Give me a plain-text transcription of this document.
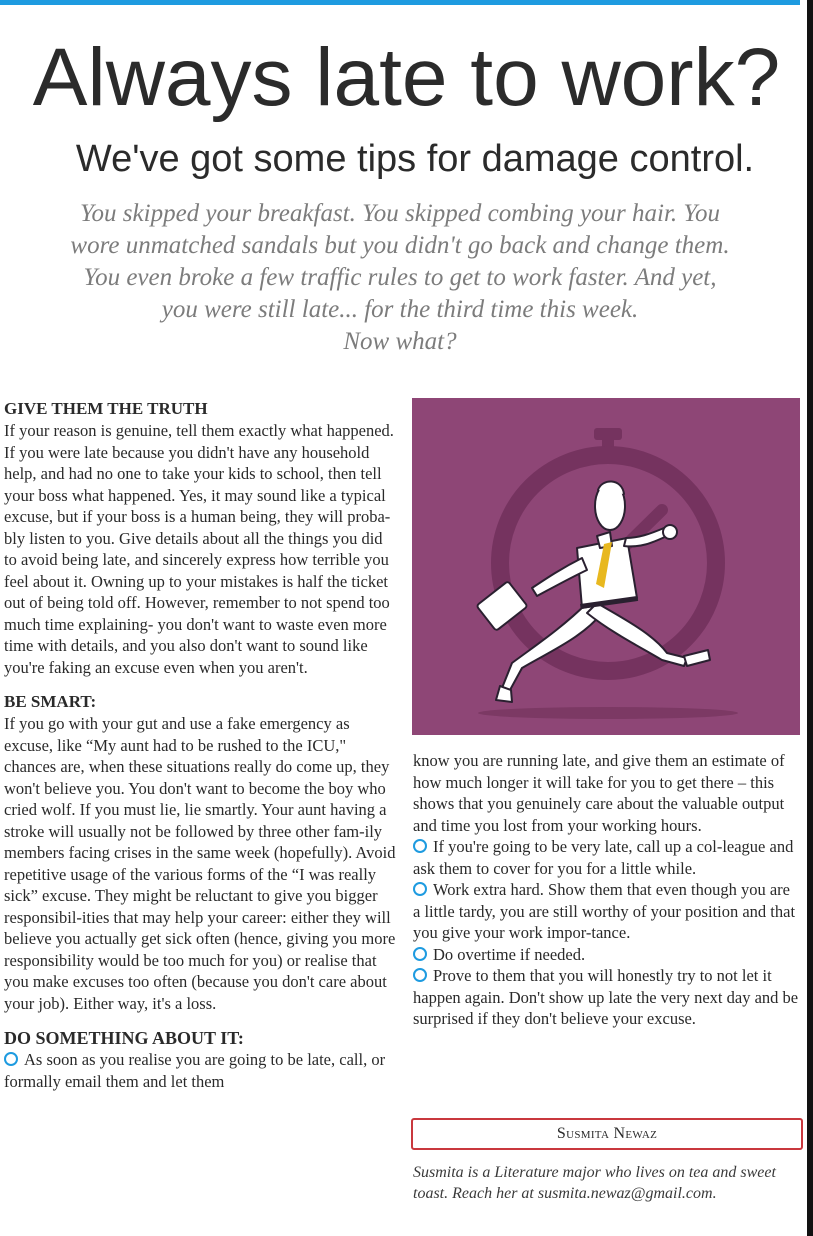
Always late to work?
We've got some tips for damage control.
You skipped your breakfast. You skipped combing your hair. You
wore unmatched sandals but you didn't go back and change them.
You even broke a few traffic rules to get to work faster. And yet,
you were still late... for the third time this week.
Now what?
GIVE THEM THE TRUTH

If your reason is genuine, tell them exactly what happened. If you were late because you didn't have any household help, and had no one to take your kids to school, then tell your boss what happened. Yes, it may sound like a typical excuse, but if your boss is a human being, they will proba-bly listen to you. Give details about all the things you did to avoid being late, and sincerely express how terrible you feel about it. Owning up to your mistakes is half the ticket out of being told off. However, remember to not spend too much time explaining- you don't want to waste even more time with details, and you also don't want to sound like you're faking an excuse even when you aren't.

BE SMART:

If you go with your gut and use a fake emergency as excuse, like “My aunt had to be rushed to the ICU," chances are, when these situations really do come up, they won't believe you. You don't want to become the boy who cried wolf. If you must lie, lie smartly. Your aunt having a stroke will usually not be followed by three other fam-ily members facing crises in the same week (hopefully). Avoid repetitive usage of the various forms of the “I was really sick” excuse. They might be reluctant to give you bigger responsibil-ities that may help your career: either they will believe you actually get sick often (hence, giving you more responsibility would be too much for you) or realise that you make excuses too often (because you don't care about your job). Either way, it's a loss.

DO SOMETHING ABOUT IT:

As soon as you realise you are going to be late, call, or formally email them and let them

know you are running late, and give them an estimate of how much longer it will take for you to get there – this shows that you genuinely care about the valuable output and time you lost from your working hours.

If you're going to be very late, call up a col-league and ask them to cover for you for a little while.

Work extra hard. Show them that even though you are a little tardy, you are still worthy of your position and that you give your work impor-tance.

Do overtime if needed.

Prove to them that you will honestly try to not let it happen again. Don't show up late the very next day and be surprised if they don't believe your excuse.

Susmita Newaz
Susmita is a Literature major who lives on tea and sweet toast. Reach her at susmita.newaz@gmail.com.
